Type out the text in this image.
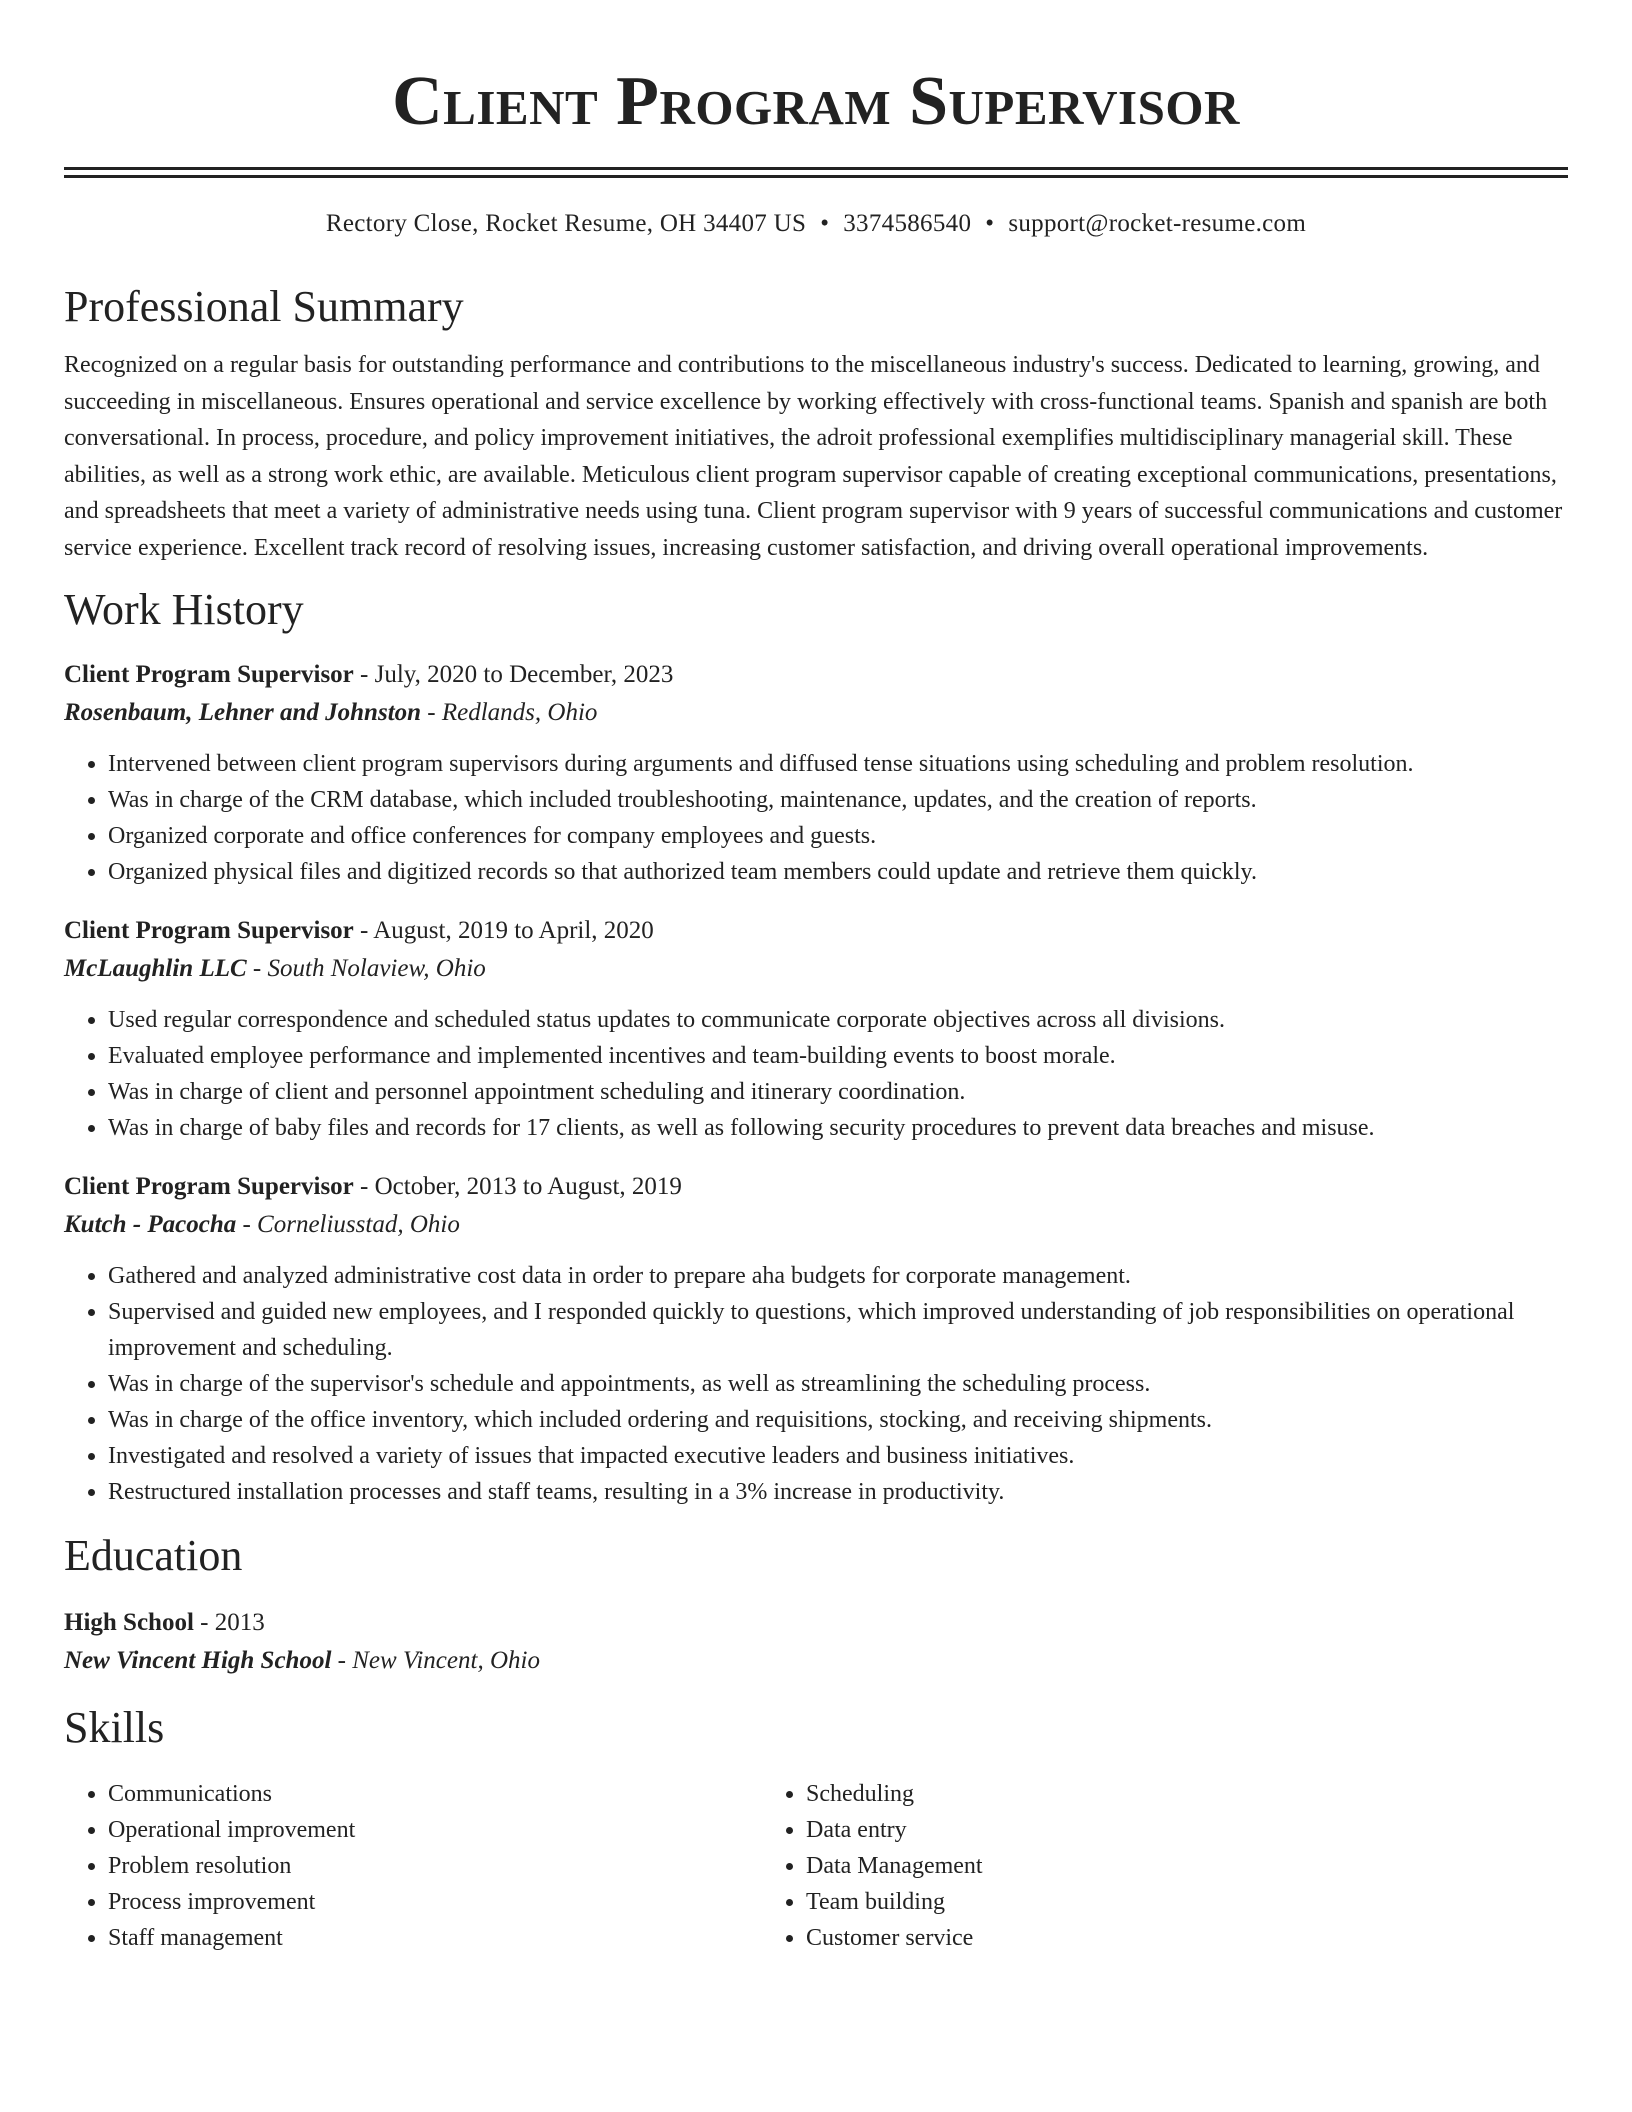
Client Program Supervisor
Rectory Close, Rocket Resume, OH 34407 US • 3374586540 • support@rocket-resume.com
Professional Summary
Recognized on a regular basis for outstanding performance and contributions to the miscellaneous industry's success. Dedicated to learning, growing, and succeeding in miscellaneous. Ensures operational and service excellence by working effectively with cross-functional teams. Spanish and spanish are both conversational. In process, procedure, and policy improvement initiatives, the adroit professional exemplifies multidisciplinary managerial skill. These abilities, as well as a strong work ethic, are available. Meticulous client program supervisor capable of creating exceptional communications, presentations, and spreadsheets that meet a variety of administrative needs using tuna. Client program supervisor with 9 years of successful communications and customer service experience. Excellent track record of resolving issues, increasing customer satisfaction, and driving overall operational improvements.
Work History
Client Program Supervisor - July, 2020 to December, 2023
Rosenbaum, Lehner and Johnston - Redlands, Ohio
• Intervened between client program supervisors during arguments and diffused tense situations using scheduling and problem resolution.
• Was in charge of the CRM database, which included troubleshooting, maintenance, updates, and the creation of reports.
• Organized corporate and office conferences for company employees and guests.
• Organized physical files and digitized records so that authorized team members could update and retrieve them quickly.
Client Program Supervisor - August, 2019 to April, 2020
McLaughlin LLC - South Nolaview, Ohio
• Used regular correspondence and scheduled status updates to communicate corporate objectives across all divisions.
• Evaluated employee performance and implemented incentives and team-building events to boost morale.
• Was in charge of client and personnel appointment scheduling and itinerary coordination.
• Was in charge of baby files and records for 17 clients, as well as following security procedures to prevent data breaches and misuse.
Client Program Supervisor - October, 2013 to August, 2019
Kutch - Pacocha - Corneliusstad, Ohio
• Gathered and analyzed administrative cost data in order to prepare aha budgets for corporate management.
• Supervised and guided new employees, and I responded quickly to questions, which improved understanding of job responsibilities on operational improvement and scheduling.
• Was in charge of the supervisor's schedule and appointments, as well as streamlining the scheduling process.
• Was in charge of the office inventory, which included ordering and requisitions, stocking, and receiving shipments.
• Investigated and resolved a variety of issues that impacted executive leaders and business initiatives.
• Restructured installation processes and staff teams, resulting in a 3% increase in productivity.
Education
High School - 2013
New Vincent High School - New Vincent, Ohio
Skills
• Communications
• Operational improvement
• Problem resolution
• Process improvement
• Staff management
• Scheduling
• Data entry
• Data Management
• Team building
• Customer service
